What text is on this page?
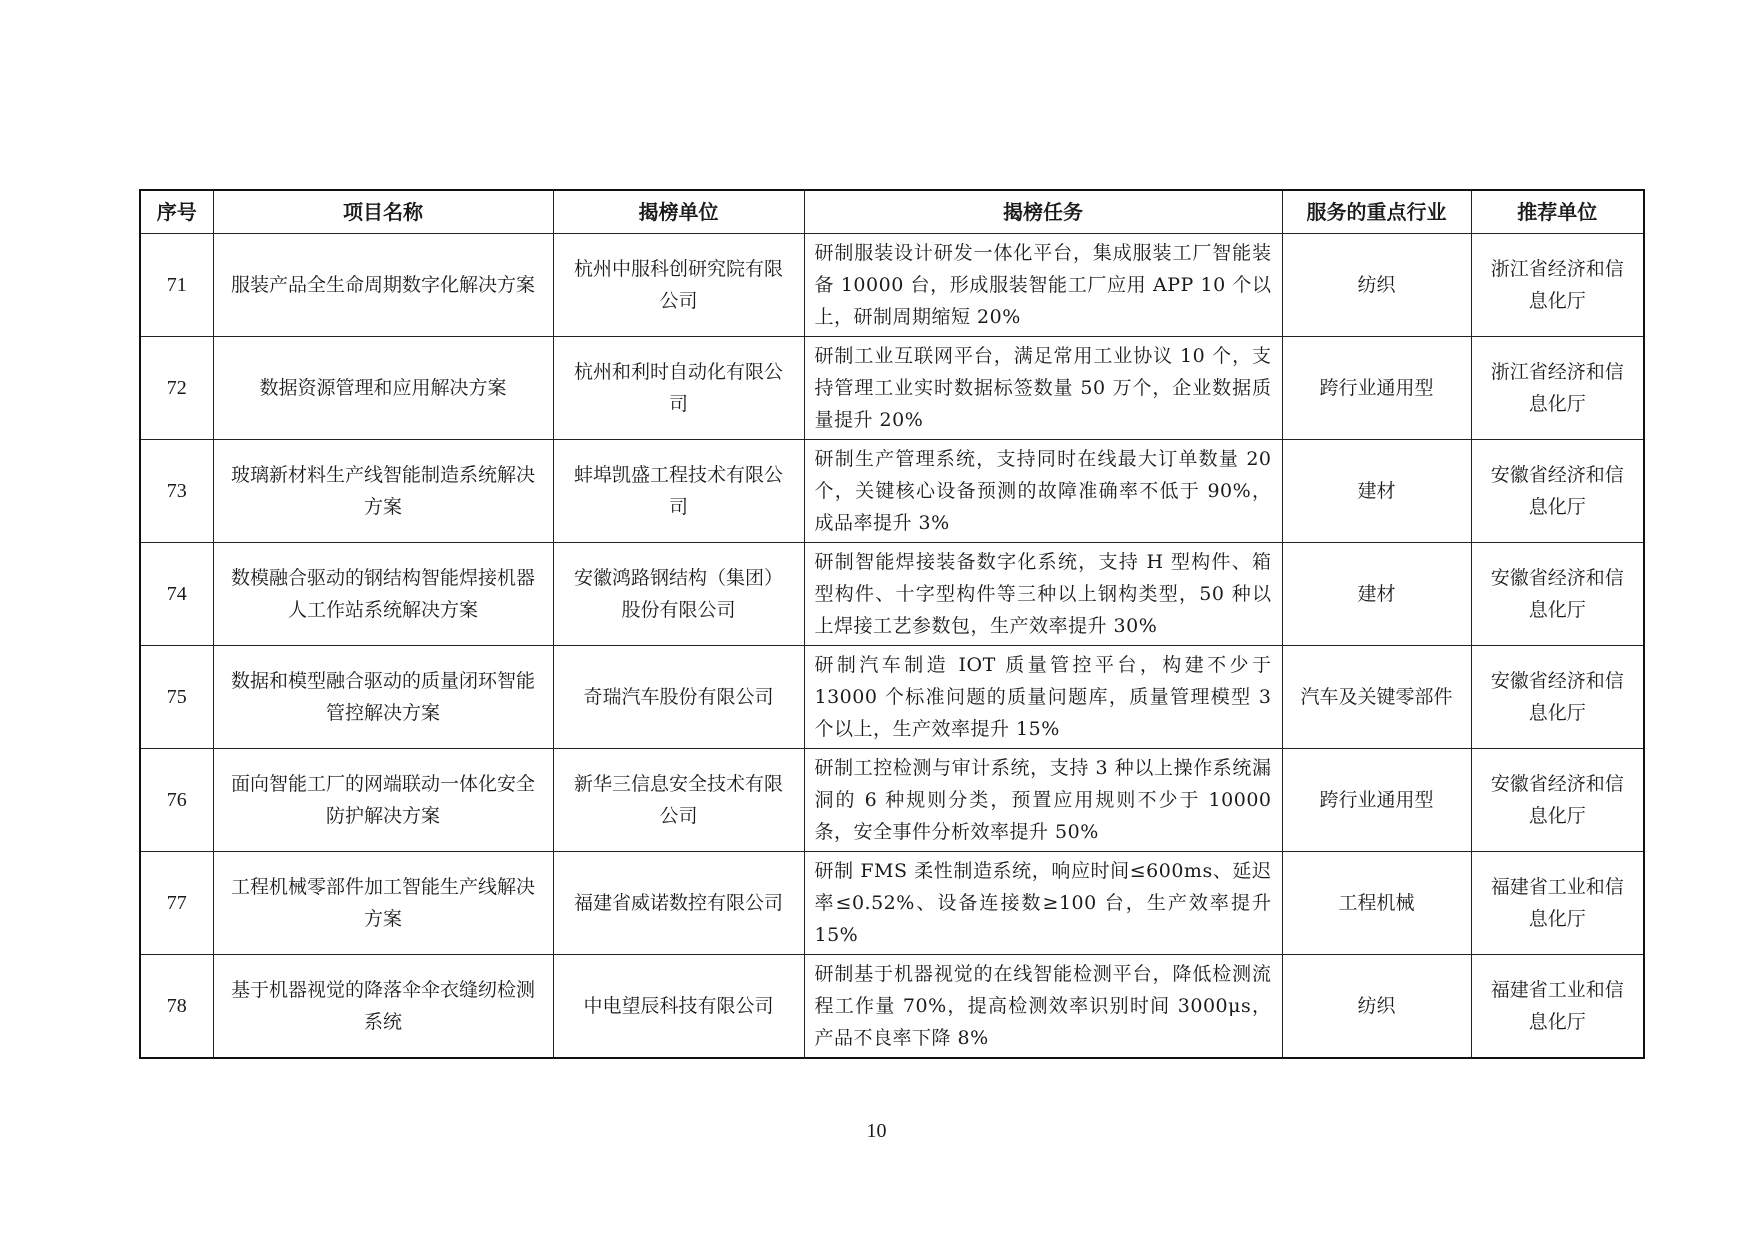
序号	项目名称	揭榜单位	揭榜任务	服务的重点行业	推荐单位
71	服装产品全生命周期数字化解决方案	杭州中服科创研究院有限公司	研制服装设计研发一体化平台，集成服装工厂智能装备 10000 台，形成服装智能工厂应用 APP 10 个以上，研制周期缩短 20%	纺织	浙江省经济和信息化厅
72	数据资源管理和应用解决方案	杭州和利时自动化有限公司	研制工业互联网平台，满足常用工业协议 10 个，支持管理工业实时数据标签数量 50 万个，企业数据质量提升 20%	跨行业通用型	浙江省经济和信息化厅
73	玻璃新材料生产线智能制造系统解决方案	蚌埠凯盛工程技术有限公司	研制生产管理系统，支持同时在线最大订单数量 20 个，关键核心设备预测的故障准确率不低于 90%，成品率提升 3%	建材	安徽省经济和信息化厅
74	数模融合驱动的钢结构智能焊接机器人工作站系统解决方案	安徽鸿路钢结构（集团）股份有限公司	研制智能焊接装备数字化系统，支持 H 型构件、箱型构件、十字型构件等三种以上钢构类型，50 种以上焊接工艺参数包，生产效率提升 30%	建材	安徽省经济和信息化厅
75	数据和模型融合驱动的质量闭环智能管控解决方案	奇瑞汽车股份有限公司	研制汽车制造 IOT 质量管控平台，构建不少于 13000 个标准问题的质量问题库，质量管理模型 3 个以上，生产效率提升 15%	汽车及关键零部件	安徽省经济和信息化厅
76	面向智能工厂的网端联动一体化安全防护解决方案	新华三信息安全技术有限公司	研制工控检测与审计系统，支持 3 种以上操作系统漏洞的 6 种规则分类，预置应用规则不少于 10000 条，安全事件分析效率提升 50%	跨行业通用型	安徽省经济和信息化厅
77	工程机械零部件加工智能生产线解决方案	福建省威诺数控有限公司	研制 FMS 柔性制造系统，响应时间≤600ms、延迟率≤0.52%、设备连接数≥100 台，生产效率提升 15%	工程机械	福建省工业和信息化厅
78	基于机器视觉的降落伞伞衣缝纫检测系统	中电望辰科技有限公司	研制基于机器视觉的在线智能检测平台，降低检测流程工作量 70%，提高检测效率识别时间 3000μs，产品不良率下降 8%	纺织	福建省工业和信息化厅
10
